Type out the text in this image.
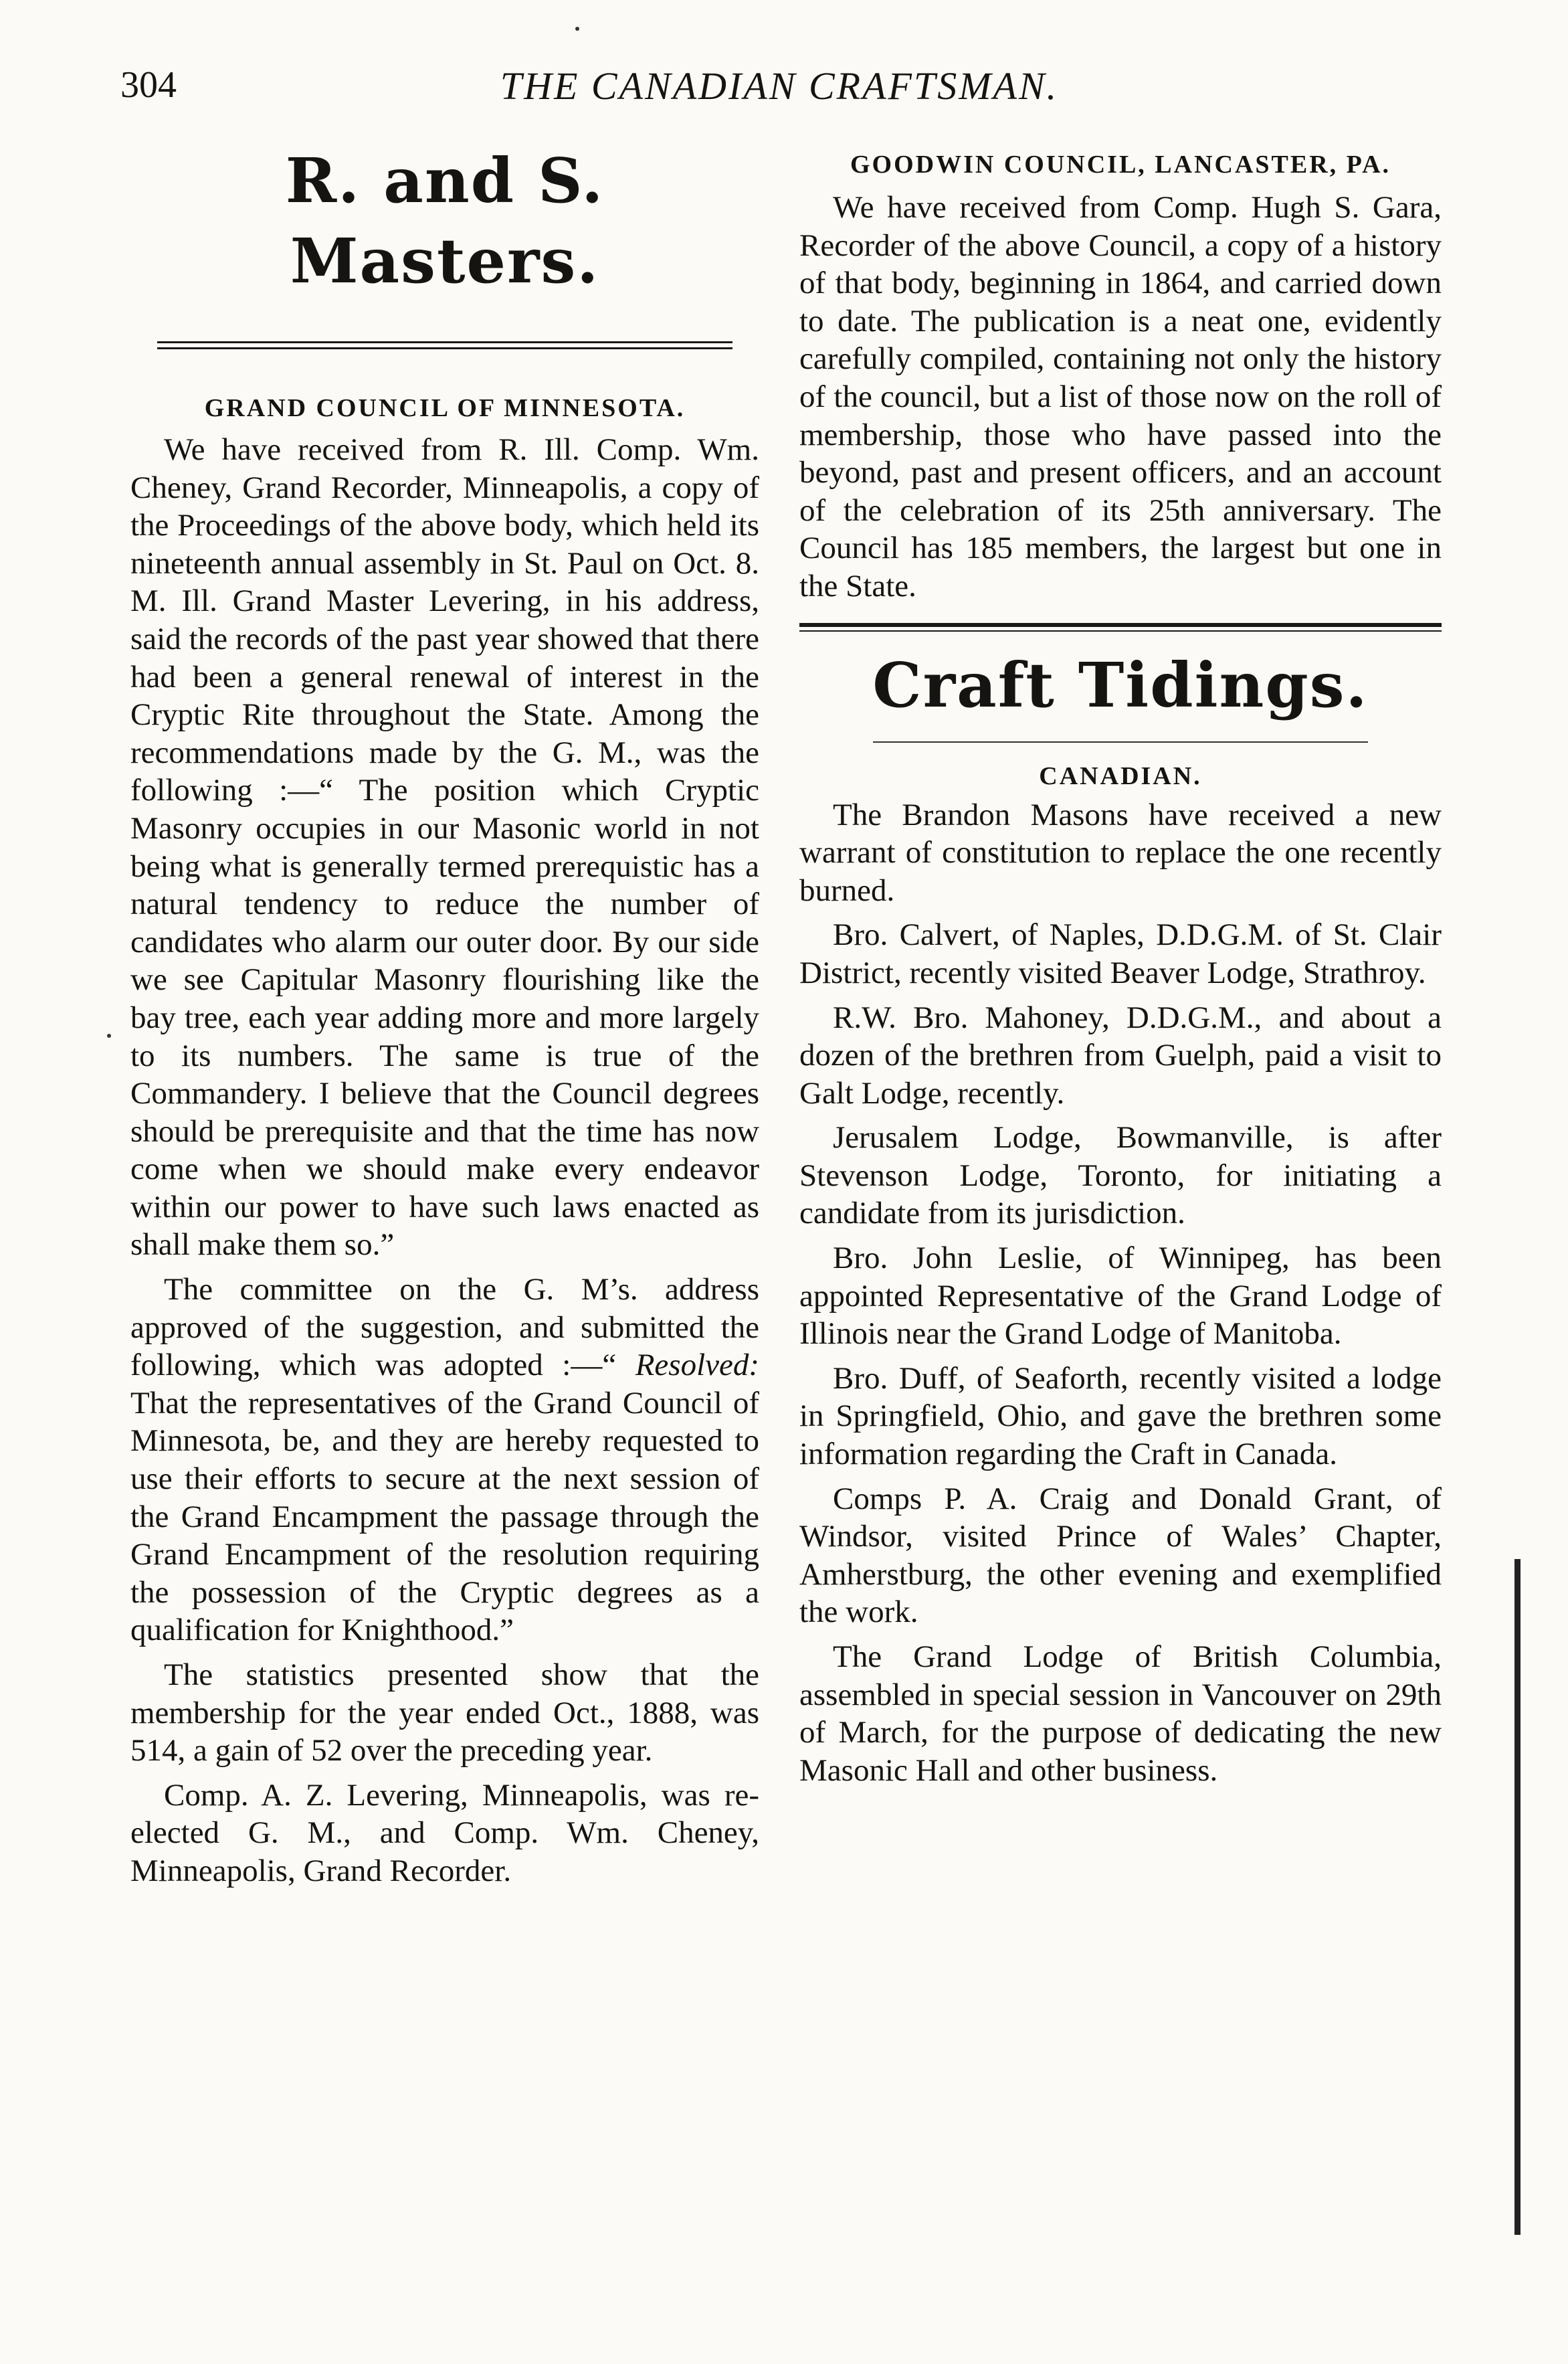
304	THE CANADIAN CRAFTSMAN.
R. and S. Masters.
GRAND COUNCIL OF MINNESOTA.

We have received from R. Ill. Comp. Wm. Cheney, Grand Recorder, Minneapolis, a copy of the Proceedings of the above body, which held its nineteenth annual assembly in St. Paul on Oct. 8. M. Ill. Grand Master Levering, in his address, said the records of the past year showed that there had been a general renewal of interest in the Cryptic Rite throughout the State. Among the recommendations made by the G. M., was the following :—“ The position which Cryptic Masonry occupies in our Masonic world in not being what is generally termed prerequistic has a natural tendency to reduce the number of candidates who alarm our outer door. By our side we see Capitular Masonry flourishing like the bay tree, each year adding more and more largely to its numbers. The same is true of the Commandery. I believe that the Council degrees should be prerequisite and that the time has now come when we should make every endeavor within our power to have such laws enacted as shall make them so.”

The committee on the G. M’s. address approved of the suggestion, and submitted the following, which was adopted :—“ Resolved: That the representatives of the Grand Council of Minnesota, be, and they are hereby requested to use their efforts to secure at the next session of the Grand Encampment the passage through the Grand Encampment of the resolution requiring the possession of the Cryptic degrees as a qualification for Knighthood.”

The statistics presented show that the membership for the year ended Oct., 1888, was 514, a gain of 52 over the preceding year.

Comp. A. Z. Levering, Minneapolis, was re-elected G. M., and Comp. Wm. Cheney, Minneapolis, Grand Recorder.

GOODWIN COUNCIL, LANCASTER, PA.

We have received from Comp. Hugh S. Gara, Recorder of the above Council, a copy of a history of that body, beginning in 1864, and carried down to date. The publication is a neat one, evidently carefully compiled, containing not only the history of the council, but a list of those now on the roll of membership, those who have passed into the beyond, past and present officers, and an account of the celebration of its 25th anniversary. The Council has 185 members, the largest but one in the State.

Craft Tidings.
CANADIAN.

The Brandon Masons have received a new warrant of constitution to replace the one recently burned.

Bro. Calvert, of Naples, D.D.G.M. of St. Clair District, recently visited Beaver Lodge, Strathroy.

R.W. Bro. Mahoney, D.D.G.M., and about a dozen of the brethren from Guelph, paid a visit to Galt Lodge, recently.

Jerusalem Lodge, Bowmanville, is after Stevenson Lodge, Toronto, for initiating a candidate from its jurisdiction.

Bro. John Leslie, of Winnipeg, has been appointed Representative of the Grand Lodge of Illinois near the Grand Lodge of Manitoba.

Bro. Duff, of Seaforth, recently visited a lodge in Springfield, Ohio, and gave the brethren some information regarding the Craft in Canada.

Comps P. A. Craig and Donald Grant, of Windsor, visited Prince of Wales’ Chapter, Amherstburg, the other evening and exemplified the work.

The Grand Lodge of British Columbia, assembled in special session in Vancouver on 29th of March, for the purpose of dedicating the new Masonic Hall and other business.
